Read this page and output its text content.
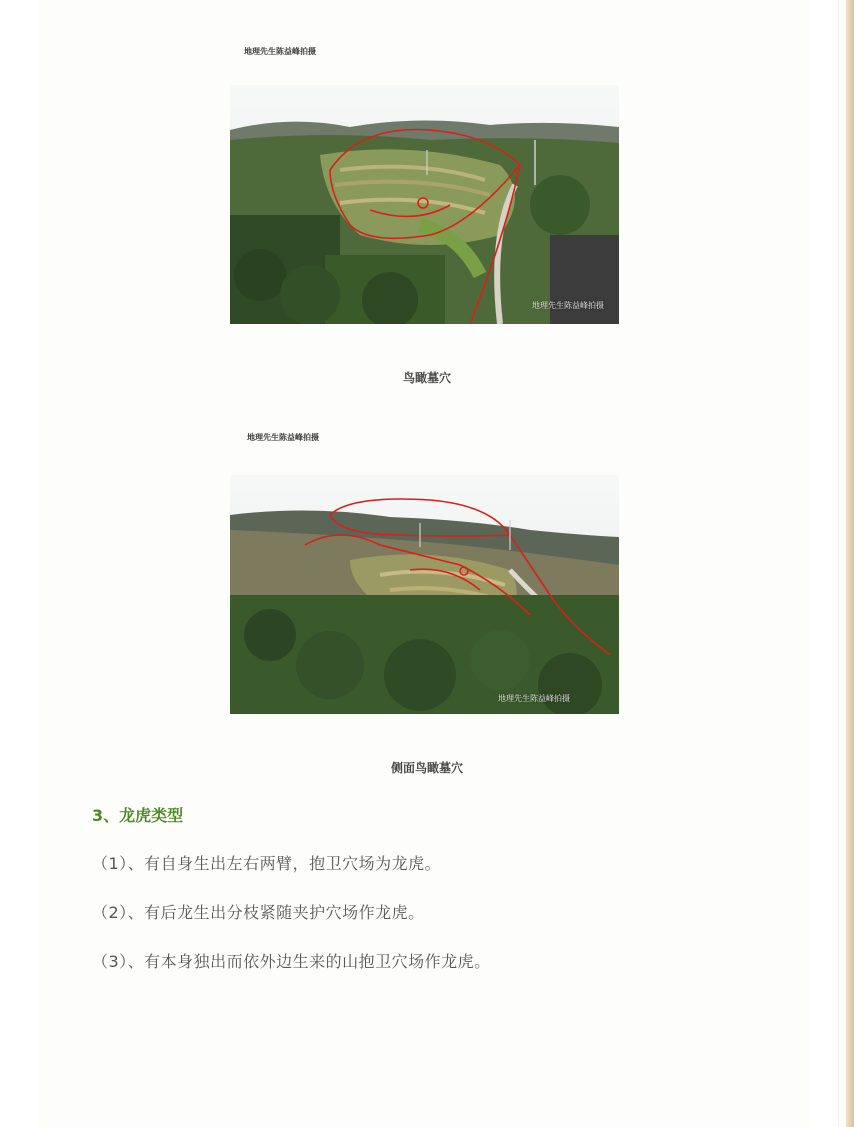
地理先生陈益峰拍摄
地理先生陈益峰拍摄
鸟瞰墓穴
地理先生陈益峰拍摄
地理先生陈益峰拍摄
侧面鸟瞰墓穴
3、龙虎类型
（1）、有自身生出左右两臂，抱卫穴场为龙虎。
（2）、有后龙生出分枝紧随夹护穴场作龙虎。
（3）、有本身独出而依外边生来的山抱卫穴场作龙虎。
